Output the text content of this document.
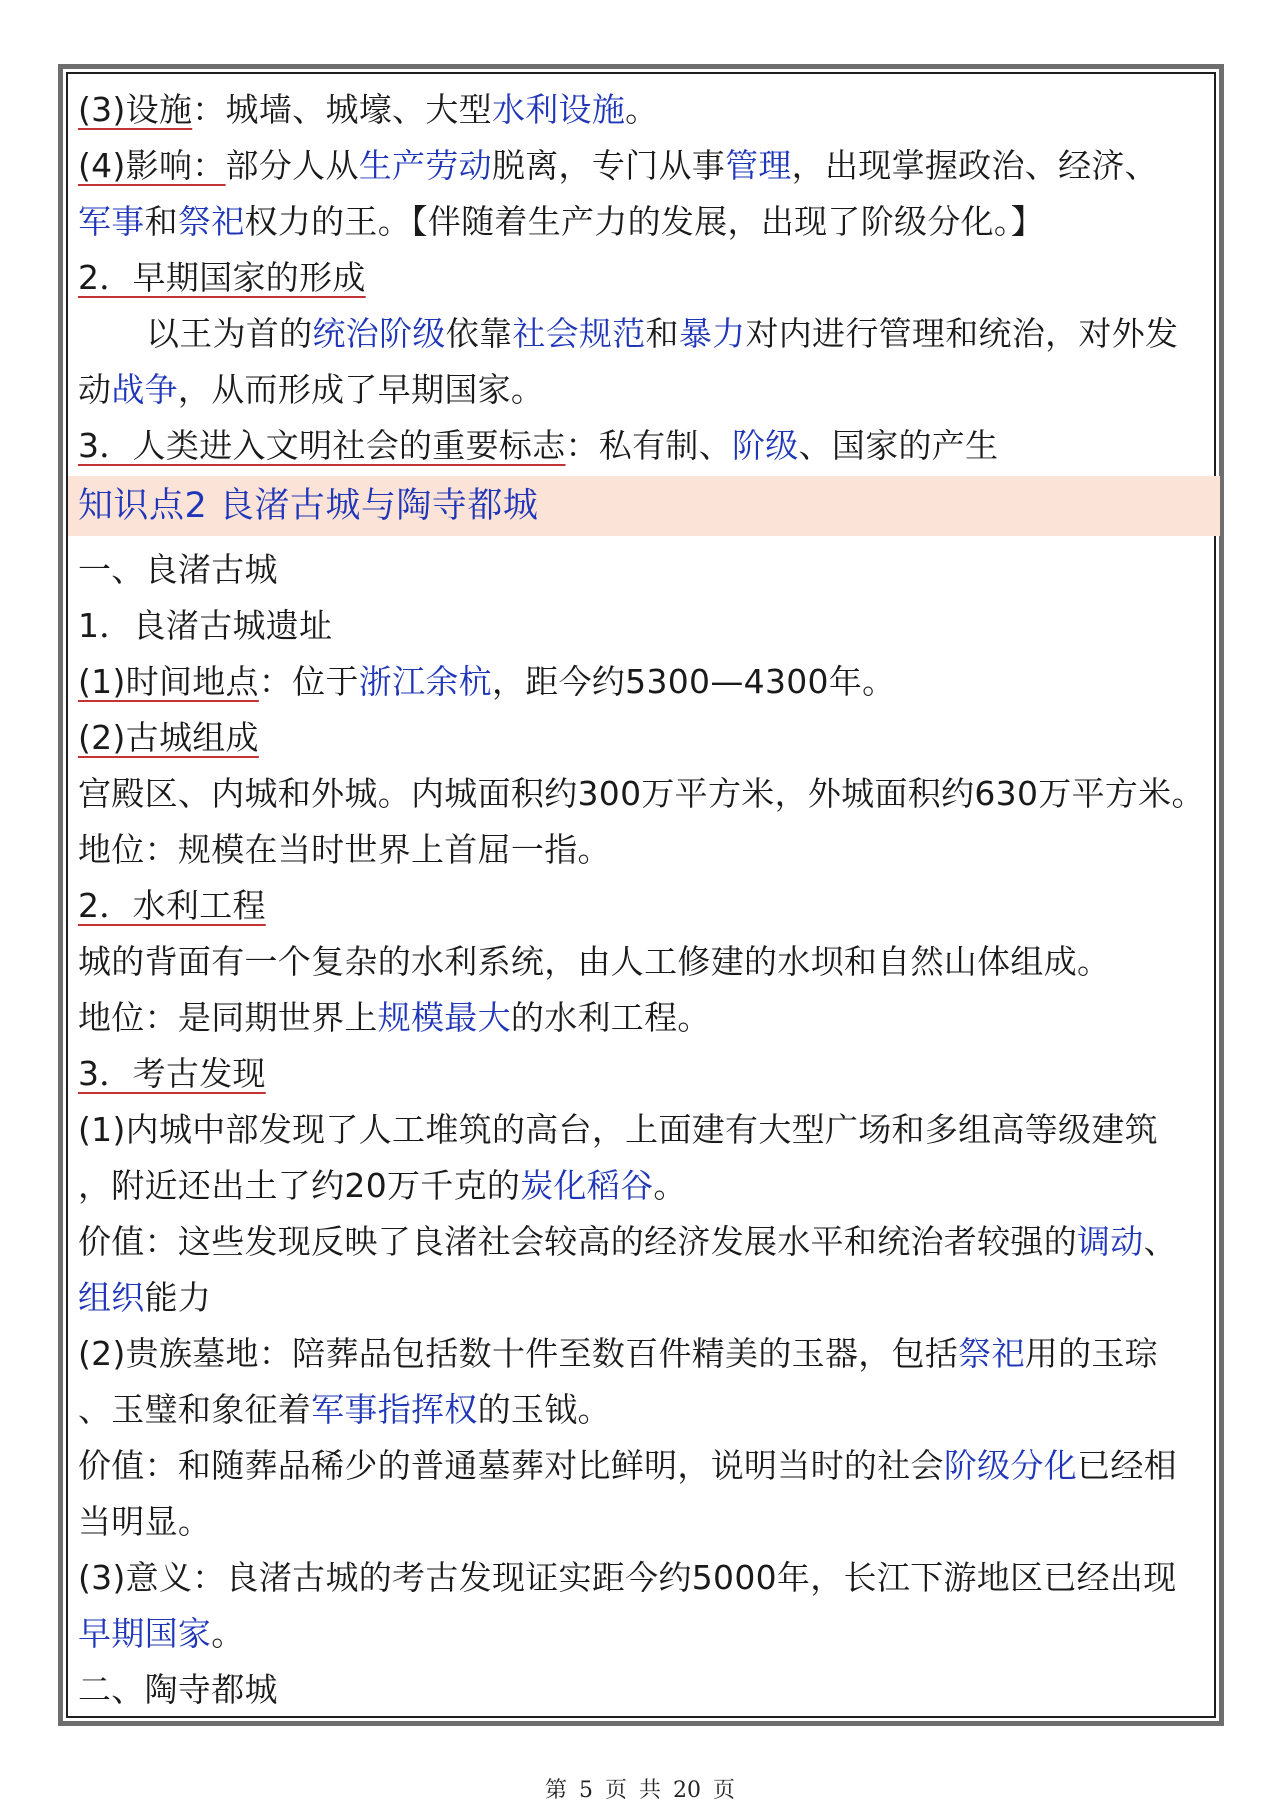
(3)设施：城墙、城壕、大型水利设施。
(4)影响：部分人从生产劳动脱离，专门从事管理，出现掌握政治、经济、
军事和祭祀权力的王。【伴随着生产力的发展，出现了阶级分化。】
2．早期国家的形成
以王为首的统治阶级依靠社会规范和暴力对内进行管理和统治，对外发
动战争，从而形成了早期国家。
3．人类进入文明社会的重要标志：私有制、阶级、国家的产生
知识点2 良渚古城与陶寺都城
一、良渚古城
1．良渚古城遗址
(1)时间地点：位于浙江余杭，距今约5300—4300年。
(2)古城组成
宫殿区、内城和外城。内城面积约300万平方米，外城面积约630万平方米。
地位：规模在当时世界上首屈一指。
2．水利工程
城的背面有一个复杂的水利系统，由人工修建的水坝和自然山体组成。
地位：是同期世界上规模最大的水利工程。
3．考古发现
(1)内城中部发现了人工堆筑的高台，上面建有大型广场和多组高等级建筑
，附近还出土了约20万千克的炭化稻谷。
价值：这些发现反映了良渚社会较高的经济发展水平和统治者较强的调动、
组织能力
(2)贵族墓地：陪葬品包括数十件至数百件精美的玉器，包括祭祀用的玉琮
、玉璧和象征着军事指挥权的玉钺。
价值：和随葬品稀少的普通墓葬对比鲜明，说明当时的社会阶级分化已经相
当明显。
(3)意义：良渚古城的考古发现证实距今约5000年，长江下游地区已经出现
早期国家。
二、陶寺都城
第 5 页 共 20 页
